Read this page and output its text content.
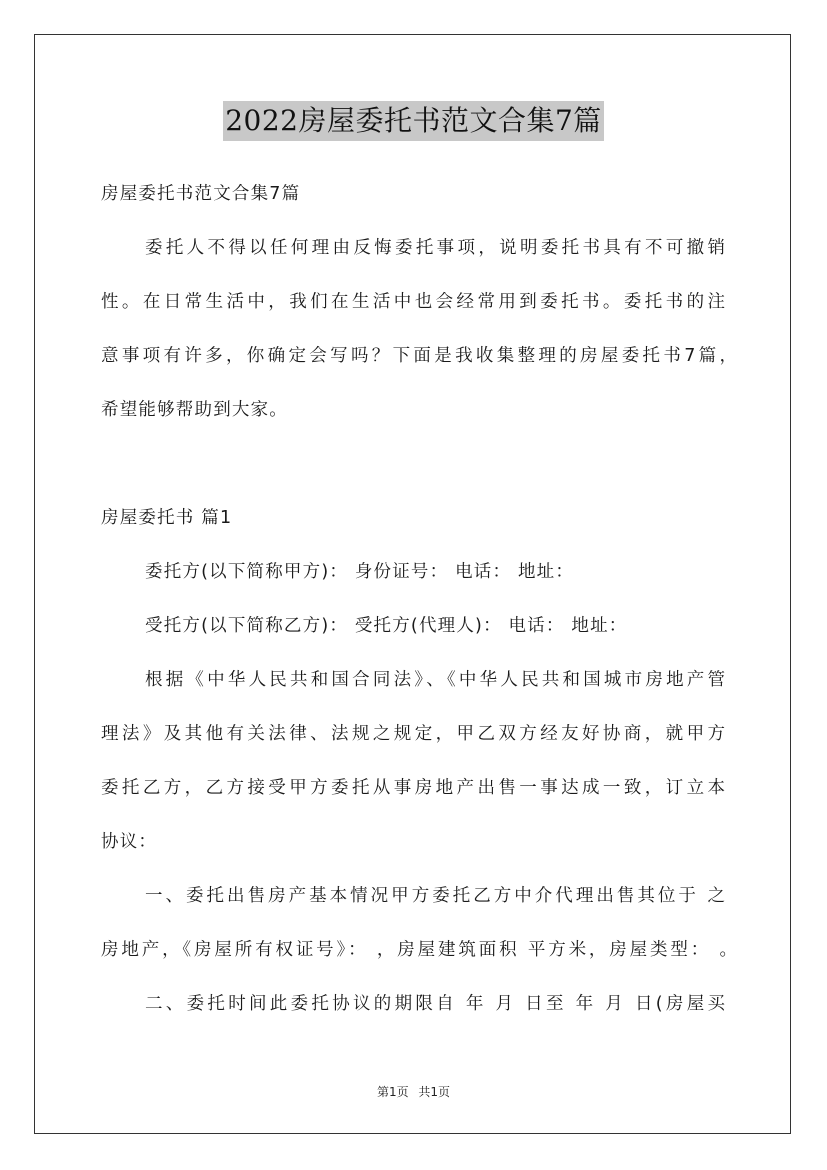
2022房屋委托书范文合集7篇
房屋委托书范文合集7篇
委托人不得以任何理由反悔委托事项，说明委托书具有不可撤销
性。在日常生活中，我们在生活中也会经常用到委托书。委托书的注
意事项有许多，你确定会写吗？下面是我收集整理的房屋委托书7篇，
希望能够帮助到大家。
房屋委托书 篇1
委托方(以下简称甲方)： 身份证号： 电话： 地址：
受托方(以下简称乙方)： 受托方(代理人)： 电话： 地址：
根据《中华人民共和国合同法》、《中华人民共和国城市房地产管
理法》及其他有关法律、法规之规定，甲乙双方经友好协商，就甲方
委托乙方，乙方接受甲方委托从事房地产出售一事达成一致，订立本
协议：
一、委托出售房产基本情况甲方委托乙方中介代理出售其位于 之
房地产，《房屋所有权证号》： ，房屋建筑面积 平方米，房屋类型： 。
二、委托时间此委托协议的期限自 年 月 日至 年 月 日(房屋买
第1页 共1页
